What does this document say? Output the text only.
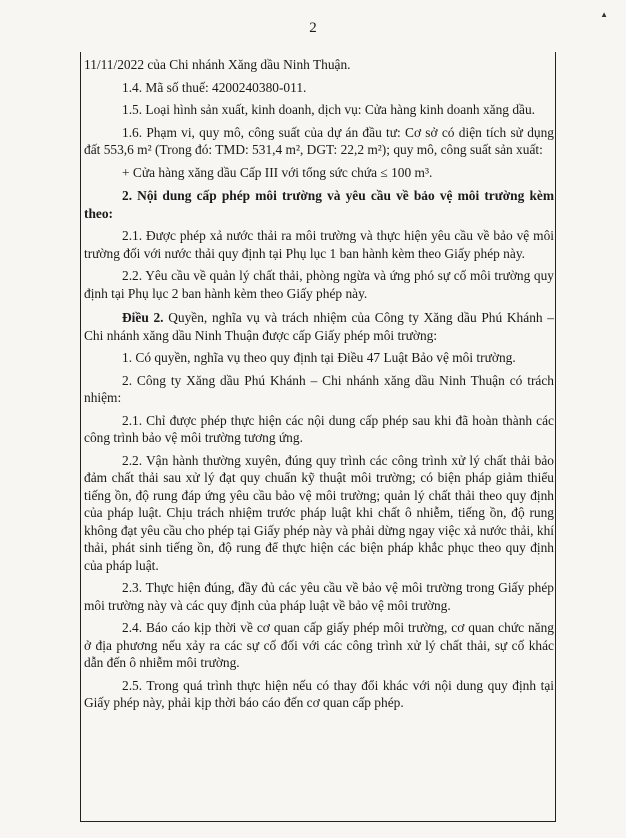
2
▲

11/11/2022 của Chi nhánh Xăng dầu Ninh Thuận.

1.4. Mã số thuế: 4200240380-011.

1.5. Loại hình sản xuất, kinh doanh, dịch vụ: Cửa hàng kinh doanh xăng dầu.

1.6. Phạm vi, quy mô, công suất của dự án đầu tư: Cơ sở có diện tích sử dụng đất 553,6 m² (Trong đó: TMD: 531,4 m², DGT: 22,2 m²); quy mô, công suất sản xuất:

+ Cửa hàng xăng dầu Cấp III với tổng sức chứa ≤ 100 m³.

2. Nội dung cấp phép môi trường và yêu cầu về bảo vệ môi trường kèm theo:

2.1. Được phép xả nước thải ra môi trường và thực hiện yêu cầu về bảo vệ môi trường đối với nước thải quy định tại Phụ lục 1 ban hành kèm theo Giấy phép này.

2.2. Yêu cầu về quản lý chất thải, phòng ngừa và ứng phó sự cố môi trường quy định tại Phụ lục 2 ban hành kèm theo Giấy phép này.

Điều 2. Quyền, nghĩa vụ và trách nhiệm của Công ty Xăng dầu Phú Khánh – Chi nhánh xăng dầu Ninh Thuận được cấp Giấy phép môi trường:

1. Có quyền, nghĩa vụ theo quy định tại Điều 47 Luật Bảo vệ môi trường.

2. Công ty Xăng dầu Phú Khánh – Chi nhánh xăng dầu Ninh Thuận có trách nhiệm:

2.1. Chỉ được phép thực hiện các nội dung cấp phép sau khi đã hoàn thành các công trình bảo vệ môi trường tương ứng.

2.2. Vận hành thường xuyên, đúng quy trình các công trình xử lý chất thải bảo đảm chất thải sau xử lý đạt quy chuẩn kỹ thuật môi trường; có biện pháp giảm thiểu tiếng ồn, độ rung đáp ứng yêu cầu bảo vệ môi trường; quản lý chất thải theo quy định của pháp luật. Chịu trách nhiệm trước pháp luật khi chất ô nhiễm, tiếng ồn, độ rung không đạt yêu cầu cho phép tại Giấy phép này và phải dừng ngay việc xả nước thải, khí thải, phát sinh tiếng ồn, độ rung để thực hiện các biện pháp khắc phục theo quy định của pháp luật.

2.3. Thực hiện đúng, đầy đủ các yêu cầu về bảo vệ môi trường trong Giấy phép môi trường này và các quy định của pháp luật về bảo vệ môi trường.

2.4. Báo cáo kịp thời về cơ quan cấp giấy phép môi trường, cơ quan chức năng ở địa phương nếu xảy ra các sự cố đối với các công trình xử lý chất thải, sự cố khác dẫn đến ô nhiễm môi trường.

2.5. Trong quá trình thực hiện nếu có thay đổi khác với nội dung quy định tại Giấy phép này, phải kịp thời báo cáo đến cơ quan cấp phép.
